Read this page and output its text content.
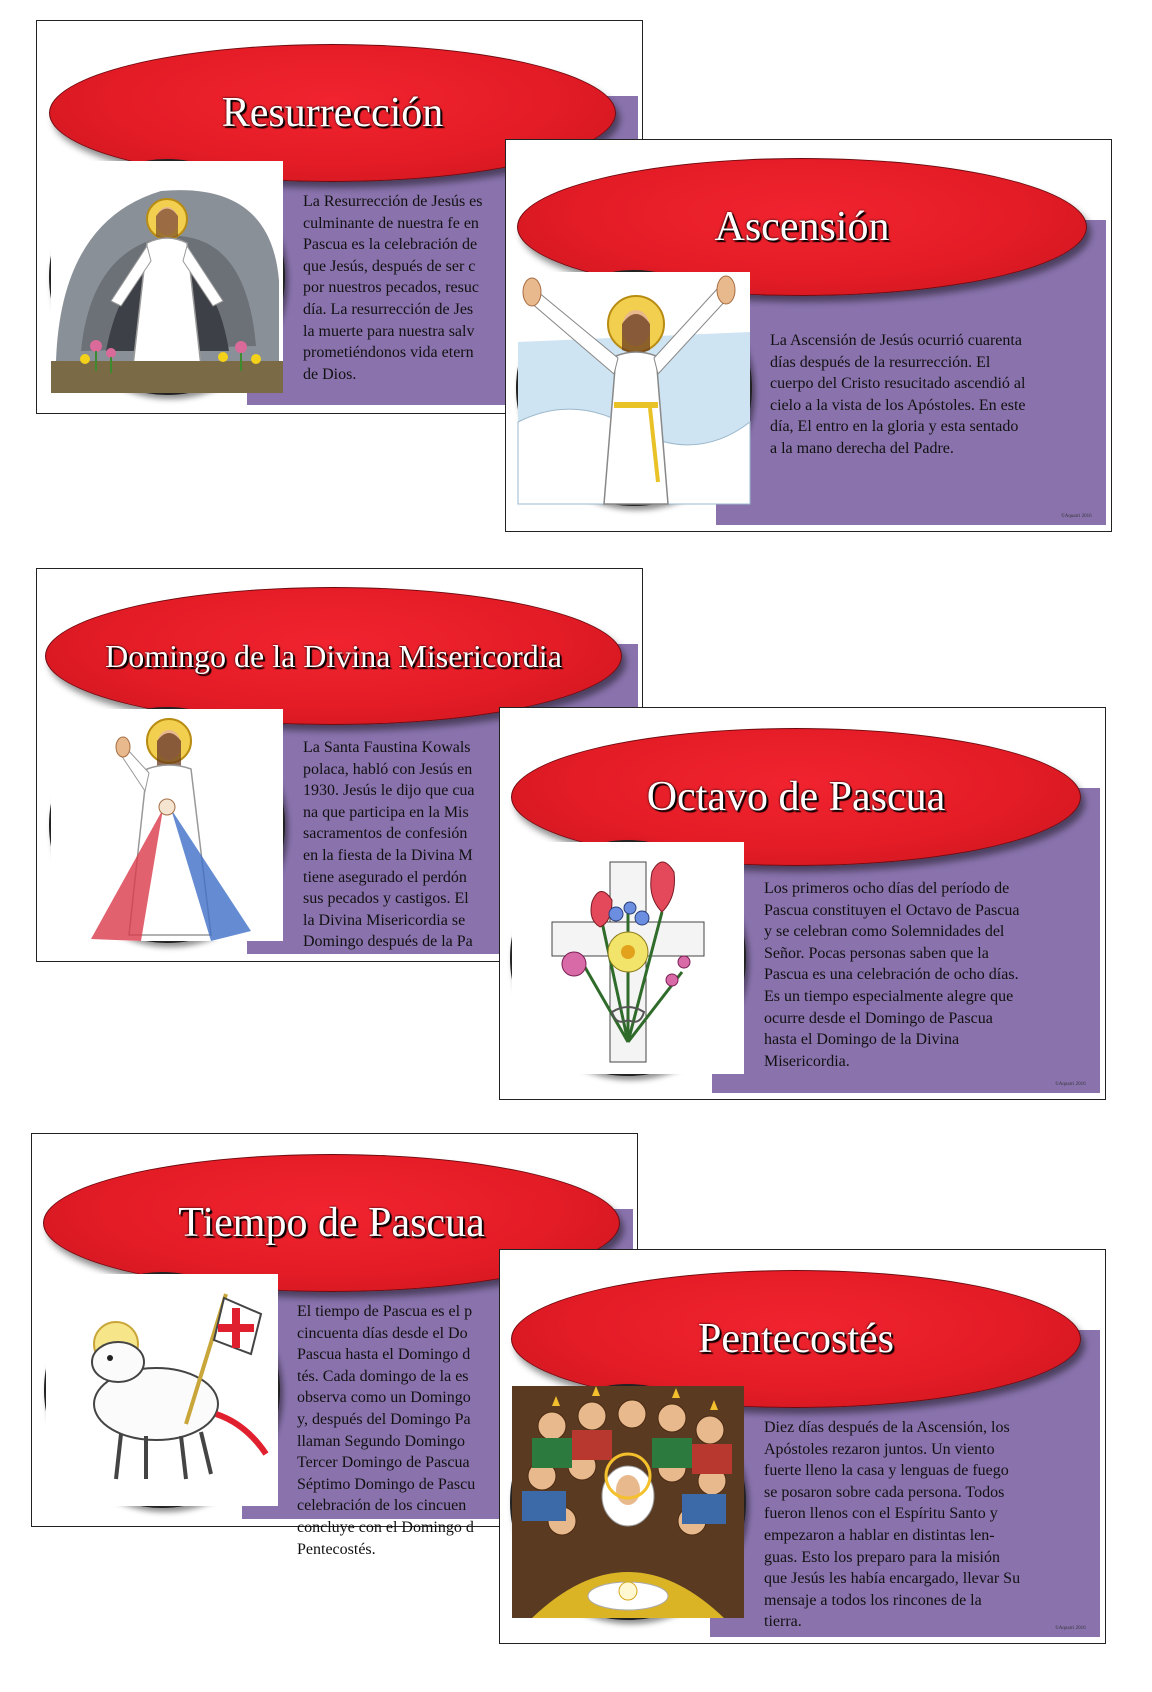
La Resurrección de Jesús es
culminante de nuestra fe en
Pascua es la celebración de
que Jesús, después de ser c
por nuestros pecados, resuc
día. La resurrección de Jes
la muerte para nuestra salv
prometiéndonos vida etern
de Dios.

Resurrección

La Ascensión de Jesús ocurrió cuarenta
días después de la resurrección. El
cuerpo del Cristo resucitado ascendió al
cielo a la vista de los Apóstoles. En este
día, El entro en la gloria y esta sentado
a la mano derecha del Padre.

©Aquarri 2016
Ascensión

La Santa Faustina Kowals
polaca, habló con Jesús en
1930. Jesús le dijo que cua
na que participa en la Mis
sacramentos de confesión
en la fiesta de la Divina M
tiene asegurado el perdón
sus pecados y castigos. El
la Divina Misericordia se
Domingo después de la Pa

Domingo de la Divina Misericordia

Los primeros ocho días del período de
Pascua constituyen el Octavo de Pascua
y se celebran como Solemnidades del
Señor. Pocas personas saben que la
Pascua es una celebración de ocho días.
Es un tiempo especialmente alegre que
ocurre desde el Domingo de Pascua
hasta el Domingo de la Divina
Misericordia.

©Aquarri 2016
Octavo de Pascua

El tiempo de Pascua es el p
cincuenta días desde el Do
Pascua hasta el Domingo d
tés. Cada domingo de la es
observa como un Domingo
y, después del Domingo Pa
llaman Segundo Domingo
Tercer Domingo de Pascua
Séptimo Domingo de Pascu
celebración de los cincuen
concluye con el Domingo d
Pentecostés.

Tiempo de Pascua

Diez días después de la Ascensión, los
Apóstoles rezaron juntos. Un viento
fuerte lleno la casa y lenguas de fuego
se posaron sobre cada persona. Todos
fueron llenos con el Espíritu Santo y
empezaron a hablar en distintas len-
guas. Esto los preparo para la misión
que Jesús les había encargado, llevar Su
mensaje a todos los rincones de la
tierra.	©Aquarri 2016
Pentecostés
